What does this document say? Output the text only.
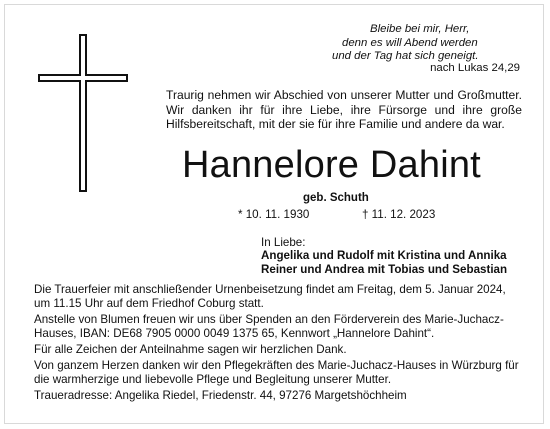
Bleibe bei mir, Herr,
denn es will Abend werden
und der Tag hat sich geneigt.
nach Lukas 24,29
Traurig nehmen wir Abschied von unserer Mutter und Großmutter. Wir danken ihr für ihre Liebe, ihre Fürsorge und ihre große Hilfsbereitschaft, mit der sie für ihre Familie und andere da war.
Hannelore Dahint
geb. Schuth
* 10. 11. 1930	† 11. 12. 2023
In Liebe:
Angelika und Rudolf mit Kristina und Annika
Reiner und Andrea mit Tobias und Sebastian

Die Trauerfeier mit anschließender Urnenbeisetzung findet am Freitag, dem 5. Januar 2024, um 11.15 Uhr auf dem Friedhof Coburg statt.

Anstelle von Blumen freuen wir uns über Spenden an den Förderverein des Marie-Juchacz-Hauses, IBAN: DE68 7905 0000 0049 1375 65, Kennwort „Hannelore Dahint“.

Für alle Zeichen der Anteilnahme sagen wir herzlichen Dank.

Von ganzem Herzen danken wir den Pflegekräften des Marie-Juchacz-Hauses in Würzburg für die warmherzige und liebevolle Pflege und Begleitung unserer Mutter.

Traueradresse: Angelika Riedel, Friedenstr. 44, 97276 Margetshöchheim
